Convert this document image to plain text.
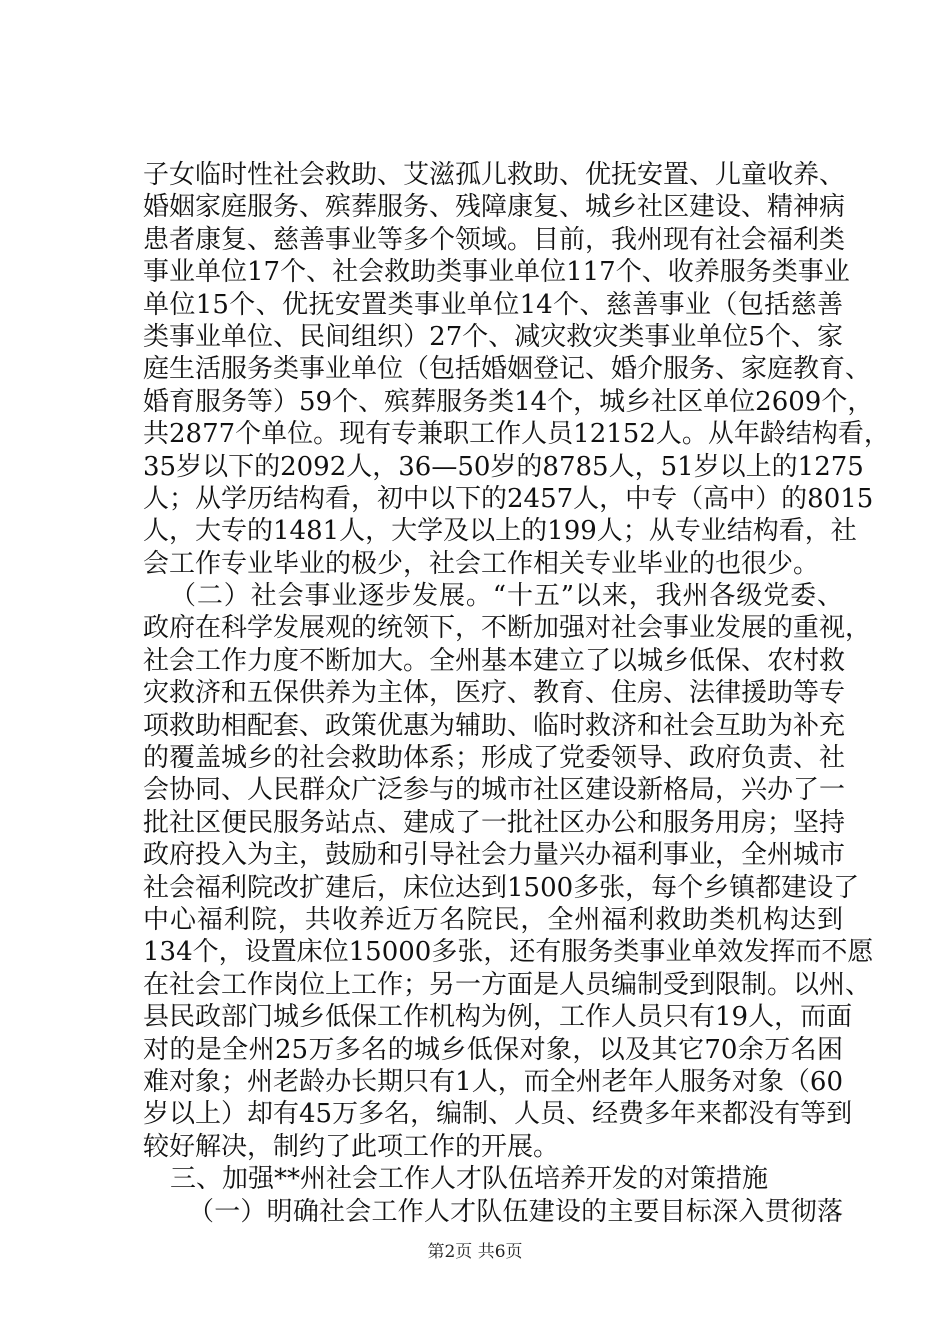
子女临时性社会救助、艾滋孤儿救助、优抚安置、儿童收养、
婚姻家庭服务、殡葬服务、残障康复、城乡社区建设、精神病
患者康复、慈善事业等多个领域。目前，我州现有社会福利类
事业单位17个、社会救助类事业单位117个、收养服务类事业
单位15个、优抚安置类事业单位14个、慈善事业（包括慈善
类事业单位、民间组织）27个、减灾救灾类事业单位5个、家
庭生活服务类事业单位（包括婚姻登记、婚介服务、家庭教育、
婚育服务等）59个、殡葬服务类14个，城乡社区单位2609个，
共2877个单位。现有专兼职工作人员12152人。从年龄结构看，
35岁以下的2092人，36—50岁的8785人，51岁以上的1275
人；从学历结构看，初中以下的2457人，中专（高中）的8015
人，大专的1481人，大学及以上的199人；从专业结构看，社
会工作专业毕业的极少，社会工作相关专业毕业的也很少。
（二）社会事业逐步发展。“十五”以来，我州各级党委、
政府在科学发展观的统领下，不断加强对社会事业发展的重视，
社会工作力度不断加大。全州基本建立了以城乡低保、农村救
灾救济和五保供养为主体，医疗、教育、住房、法律援助等专
项救助相配套、政策优惠为辅助、临时救济和社会互助为补充
的覆盖城乡的社会救助体系；形成了党委领导、政府负责、社
会协同、人民群众广泛参与的城市社区建设新格局，兴办了一
批社区便民服务站点、建成了一批社区办公和服务用房；坚持
政府投入为主，鼓励和引导社会力量兴办福利事业，全州城市
社会福利院改扩建后，床位达到1500多张，每个乡镇都建设了
中心福利院，共收养近万名院民，全州福利救助类机构达到
134个，设置床位15000多张，还有服务类事业单效发挥而不愿
在社会工作岗位上工作；另一方面是人员编制受到限制。以州、
县民政部门城乡低保工作机构为例，工作人员只有19人，而面
对的是全州25万多名的城乡低保对象，以及其它70余万名困
难对象；州老龄办长期只有1人，而全州老年人服务对象（60
岁以上）却有45万多名，编制、人员、经费多年来都没有等到
较好解决，制约了此项工作的开展。
三、加强**州社会工作人才队伍培养开发的对策措施
（一）明确社会工作人才队伍建设的主要目标深入贯彻落
第2页 共6页
